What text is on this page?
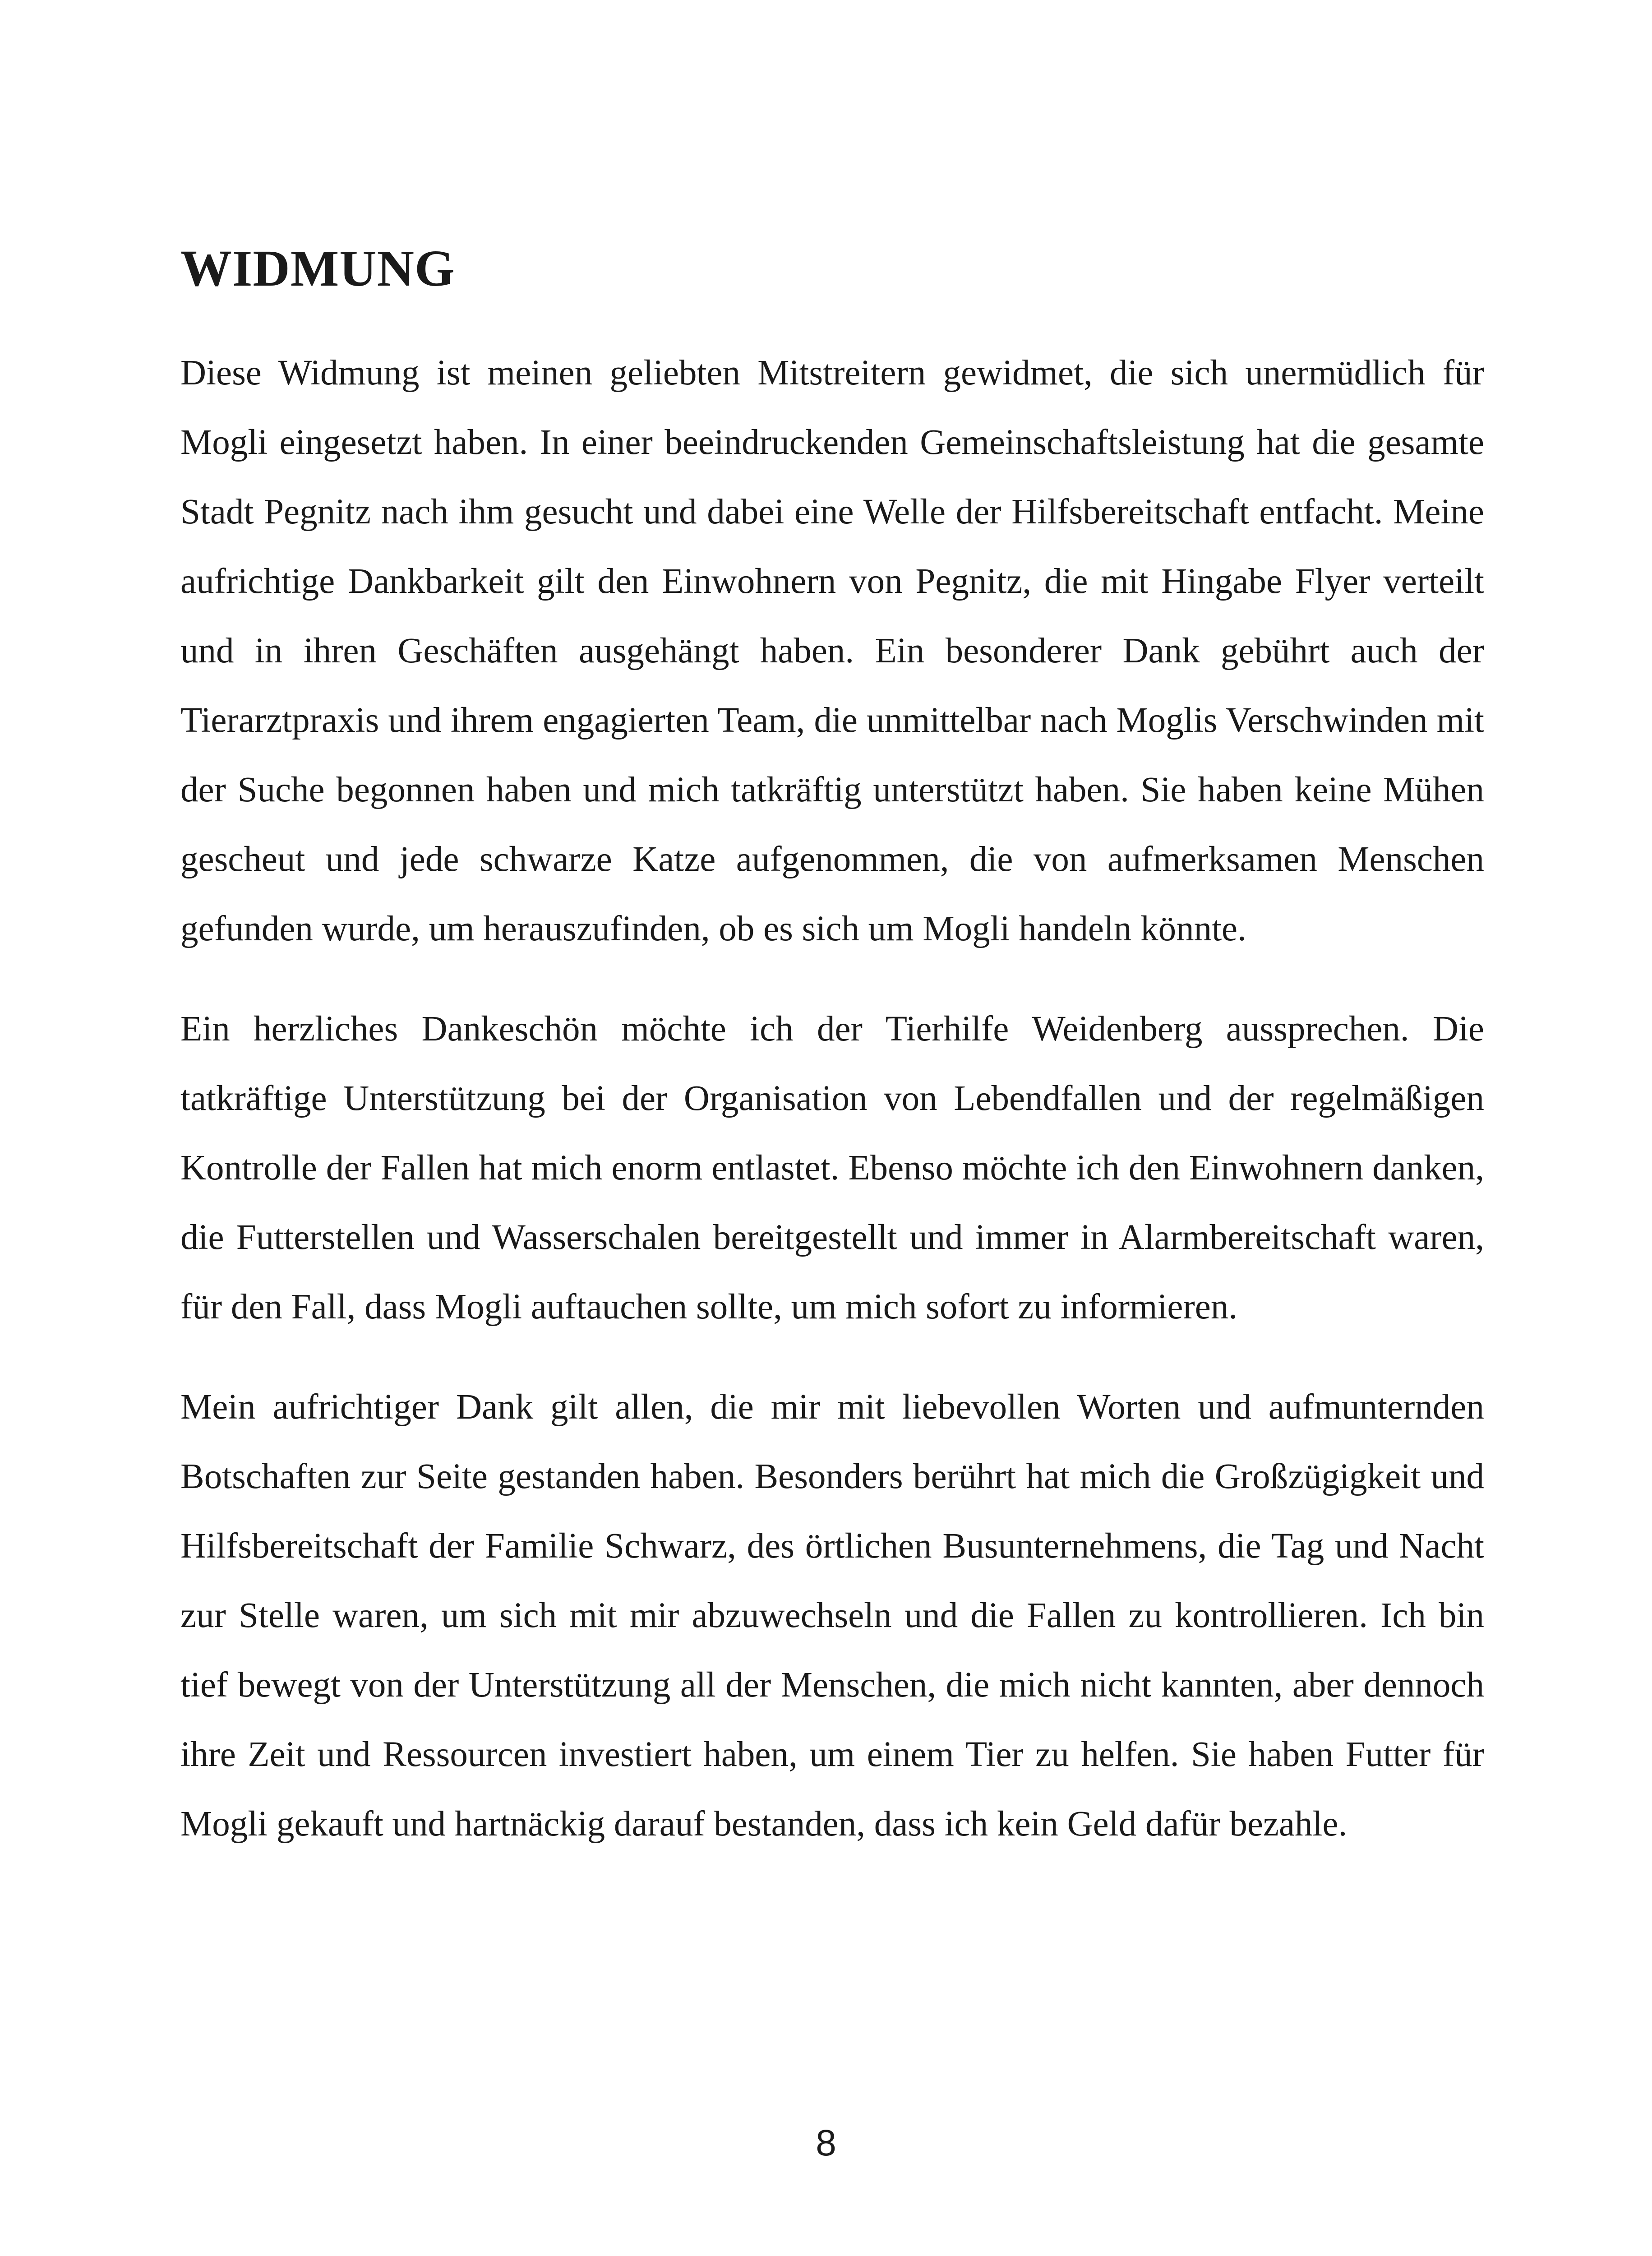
WIDMUNG

Diese Widmung ist meinen geliebten Mitstreitern gewidmet, die sich unermüdlich für Mogli eingesetzt haben. In einer beeindruckenden Gemeinschaftsleistung hat die gesamte Stadt Pegnitz nach ihm gesucht und dabei eine Welle der Hilfsbereitschaft entfacht. Meine aufrichtige Dankbarkeit gilt den Einwohnern von Pegnitz, die mit Hingabe Flyer verteilt und in ihren Geschäften ausgehängt haben. Ein besonderer Dank gebührt auch der Tierarztpraxis und ihrem engagierten Team, die unmittelbar nach Moglis Verschwinden mit der Suche begonnen haben und mich tatkräftig unterstützt haben. Sie haben keine Mühen gescheut und jede schwarze Katze aufgenommen, die von aufmerksamen Menschen gefunden wurde, um herauszufinden, ob es sich um Mogli handeln könnte.

Ein herzliches Dankeschön möchte ich der Tierhilfe Weidenberg aussprechen. Die tatkräftige Unterstützung bei der Organisation von Lebendfallen und der regelmäßigen Kontrolle der Fallen hat mich enorm entlastet. Ebenso möchte ich den Einwohnern danken, die Futterstellen und Wasserschalen bereitgestellt und immer in Alarmbereitschaft waren, für den Fall, dass Mogli auftauchen sollte, um mich sofort zu informieren.

Mein aufrichtiger Dank gilt allen, die mir mit liebevollen Worten und aufmunternden Botschaften zur Seite gestanden haben. Besonders berührt hat mich die Großzügigkeit und Hilfsbereitschaft der Familie Schwarz, des örtlichen Busunternehmens, die Tag und Nacht zur Stelle waren, um sich mit mir abzuwechseln und die Fallen zu kontrollieren. Ich bin tief bewegt von der Unterstützung all der Menschen, die mich nicht kannten, aber dennoch ihre Zeit und Ressourcen investiert haben, um einem Tier zu helfen. Sie haben Futter für Mogli gekauft und hartnäckig darauf bestanden, dass ich kein Geld dafür bezahle.

8
